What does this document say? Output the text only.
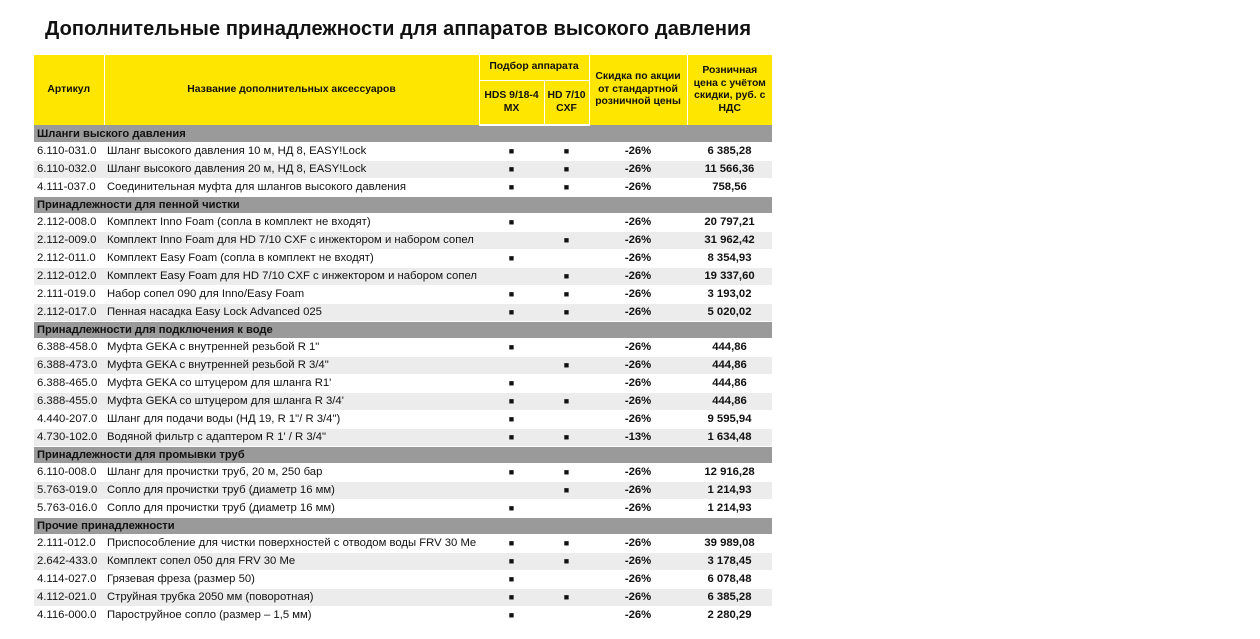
Дополнительные принадлежности для аппаратов высокого давления
Артикул	Название дополнительных аксессуаров	Подбор аппарата		Скидка по акции от стандартной розничной цены	Розничная цена с учётом скидки, руб. с НДС
		HDS 9/18-4 MX	HD 7/10 CXF		
Шланги выского давления					
6.110-031.0	Шланг высокого давления 10 м, НД 8, EASY!Lock	■	■	-26%	6 385,28
6.110-032.0	Шланг высокого давления 20 м, НД 8, EASY!Lock	■	■	-26%	11 566,36
4.111-037.0	Соединительная муфта для шлангов высокого давления	■	■	-26%	758,56
Принадлежности для пенной чистки					
2.112-008.0	Комплект Inno Foam (сопла в комплект не входят)	■		-26%	20 797,21
2.112-009.0	Комплект Inno Foam для HD 7/10 CXF с инжектором и набором сопел		■	-26%	31 962,42
2.112-011.0	Комплект Easy Foam (сопла в комплект не входят)	■		-26%	8 354,93
2.112-012.0	Комплект Easy Foam для HD 7/10 CXF с инжектором и набором сопел		■	-26%	19 337,60
2.111-019.0	Набор сопел 090 для Inno/Easy Foam	■	■	-26%	3 193,02
2.112-017.0	Пенная насадка Easy Lock Advanced 025	■	■	-26%	5 020,02
Принадлежности для подключения к воде					
6.388-458.0	Муфта GEKA с внутренней резьбой R 1"	■		-26%	444,86
6.388-473.0	Муфта GEKA с внутренней резьбой R 3/4"		■	-26%	444,86
6.388-465.0	Муфта GEKA со штуцером для шланга R1'	■		-26%	444,86
6.388-455.0	Муфта GEKA со штуцером для шланга R 3/4'	■	■	-26%	444,86
4.440-207.0	Шланг для подачи воды (НД 19, R 1"/ R 3/4")	■		-26%	9 595,94
4.730-102.0	Водяной фильтр с адаптером R 1' / R 3/4"	■	■	-13%	1 634,48
Принадлежности для промывки труб					
6.110-008.0	Шланг для прочистки труб, 20 м, 250 бар	■	■	-26%	12 916,28
5.763-019.0	Сопло для прочистки труб (диаметр 16 мм)		■	-26%	1 214,93
5.763-016.0	Сопло для прочистки труб (диаметр 16 мм)	■		-26%	1 214,93
Прочие принадлежности					
2.111-012.0	Приспособление для чистки поверхностей с отводом воды FRV 30 Me	■	■	-26%	39 989,08
2.642-433.0	Комплект сопел 050 для FRV 30 Me	■	■	-26%	3 178,45
4.114-027.0	Грязевая фреза (размер 50)	■		-26%	6 078,48
4.112-021.0	Струйная трубка 2050 мм (поворотная)	■	■	-26%	6 385,28
4.116-000.0	Пароструйное сопло (размер – 1,5 мм)	■		-26%	2 280,29
